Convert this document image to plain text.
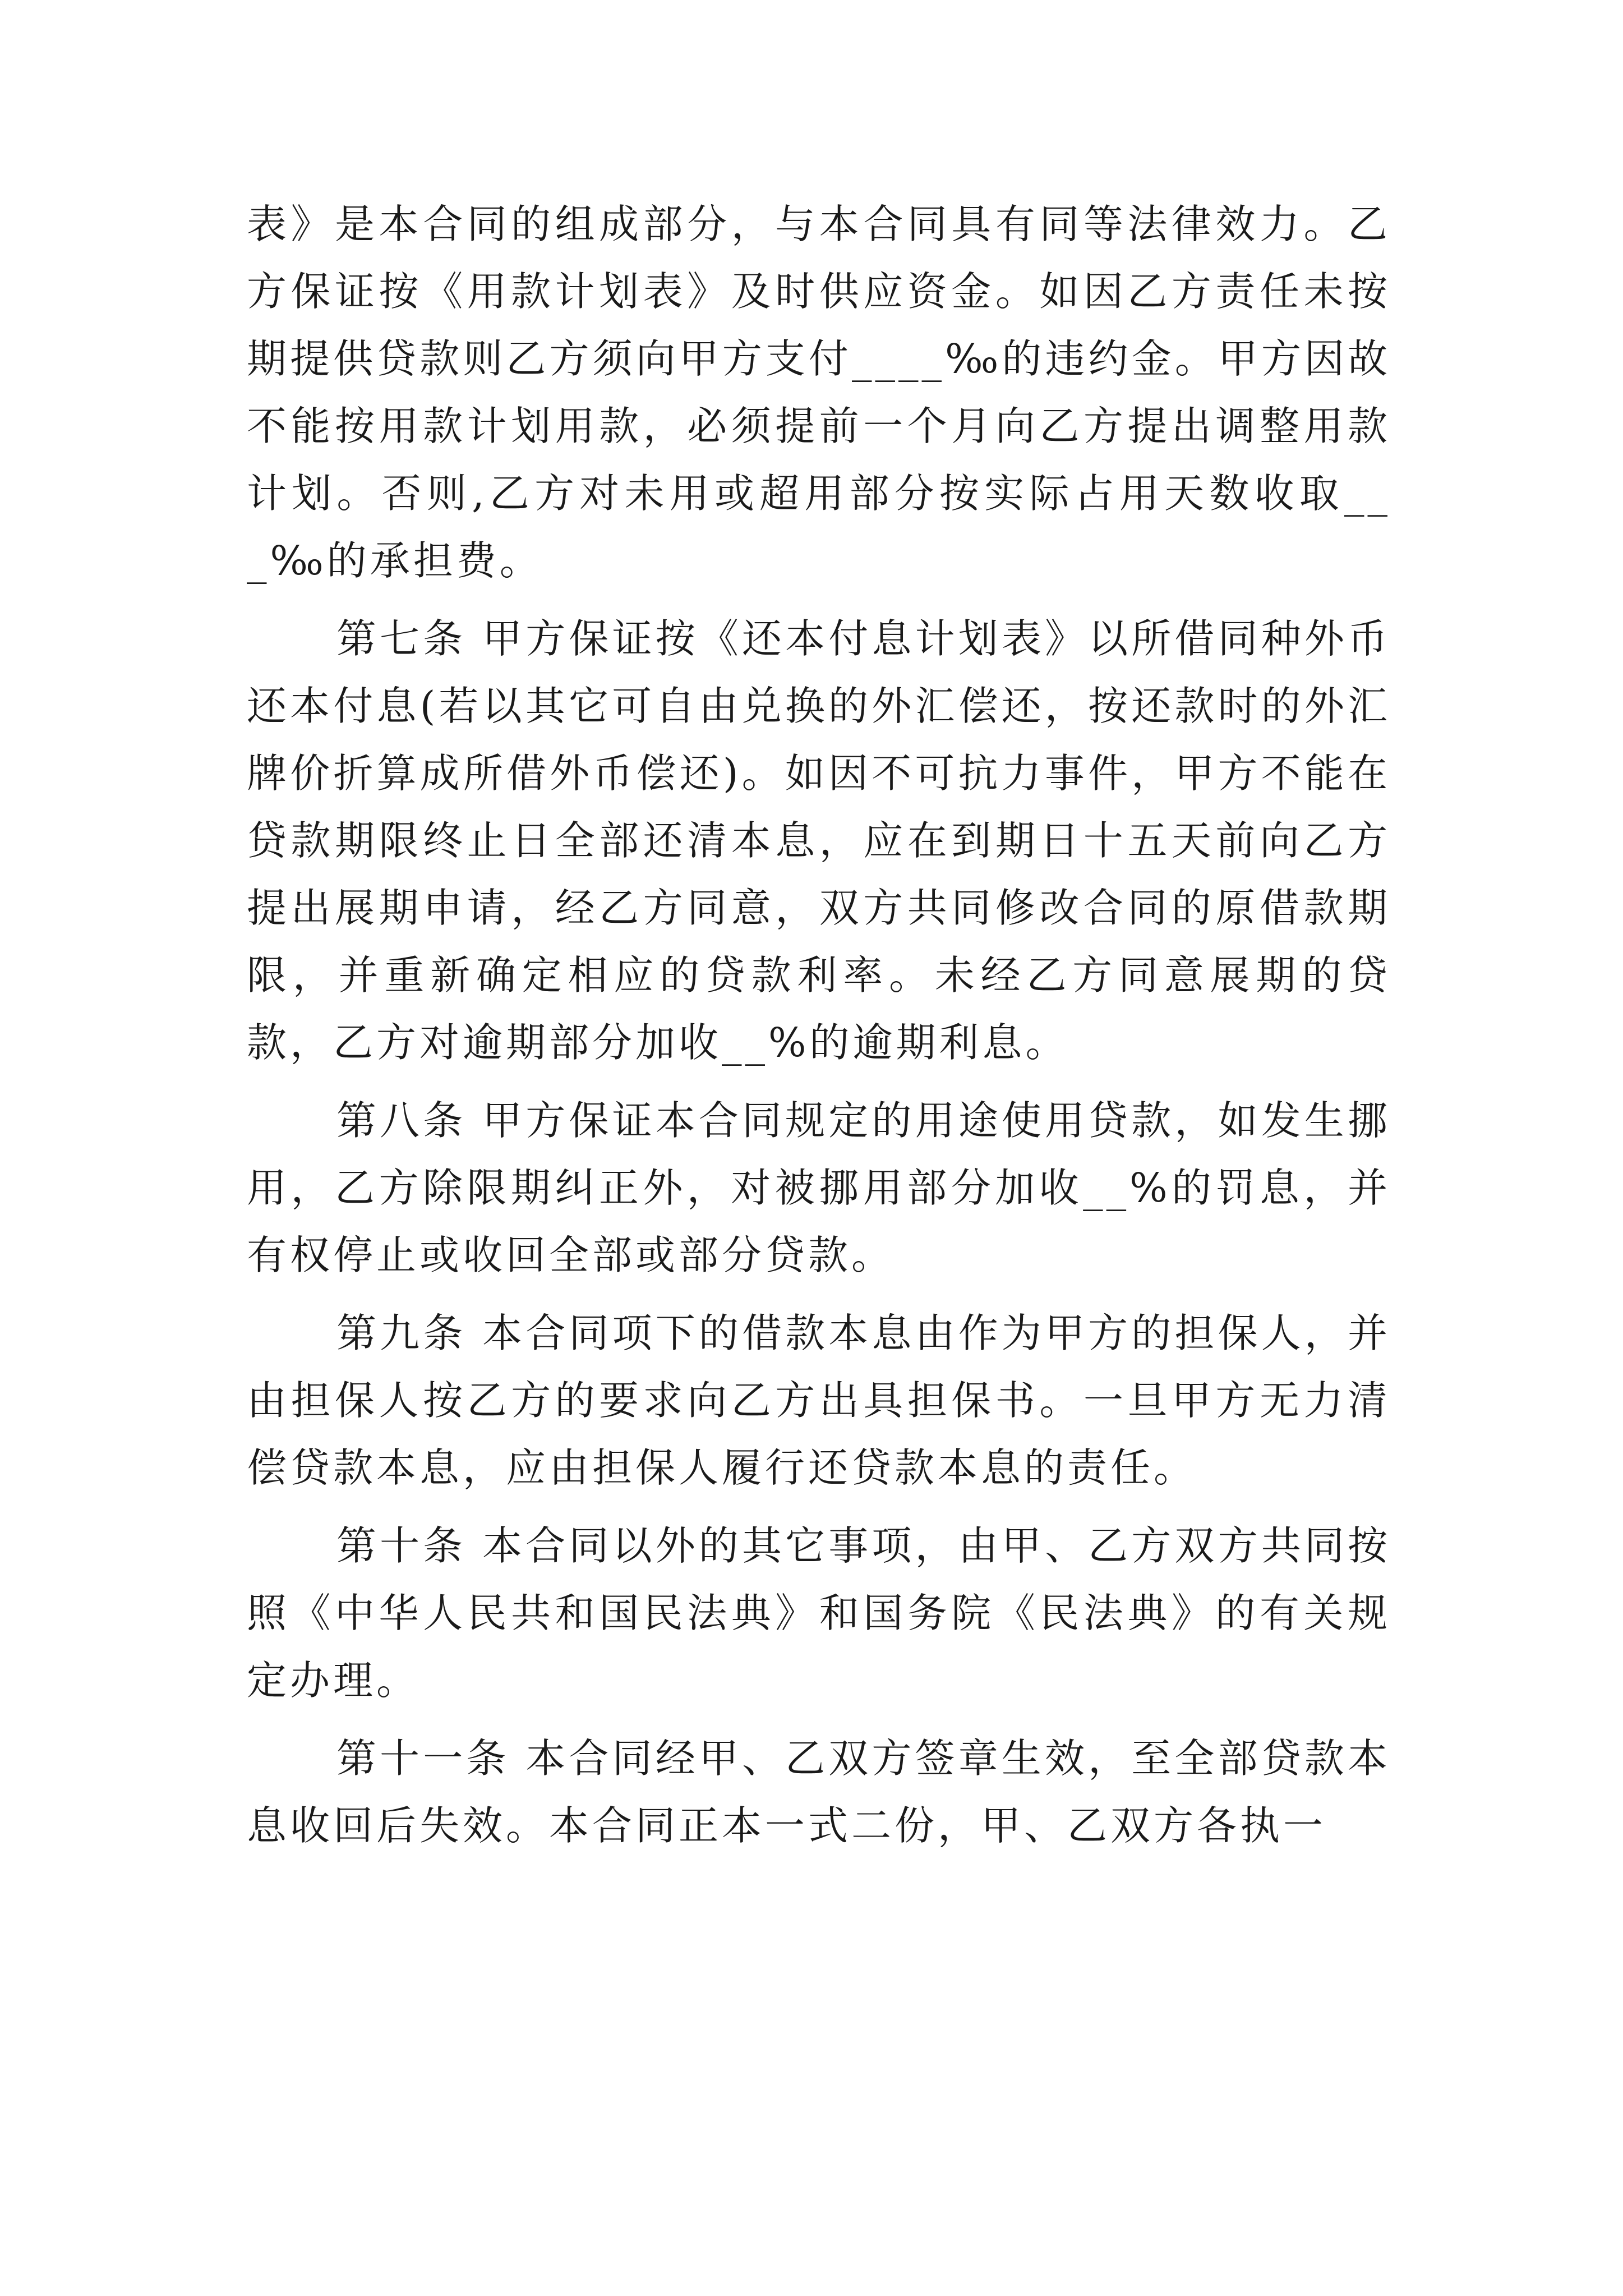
表》是本合同的组成部分，与本合同具有同等法律效力。乙方保证按《用款计划表》及时供应资金。如因乙方责任未按期提供贷款则乙方须向甲方支付____‰的违约金。甲方因故不能按用款计划用款，必须提前一个月向乙方提出调整用款计划。否则,乙方对未用或超用部分按实际占用天数收取___‰的承担费。

第七条 甲方保证按《还本付息计划表》以所借同种外币还本付息(若以其它可自由兑换的外汇偿还，按还款时的外汇牌价折算成所借外币偿还)。如因不可抗力事件，甲方不能在贷款期限终止日全部还清本息，应在到期日十五天前向乙方提出展期申请，经乙方同意，双方共同修改合同的原借款期限，并重新确定相应的贷款利率。未经乙方同意展期的贷款，乙方对逾期部分加收__%的逾期利息。

第八条 甲方保证本合同规定的用途使用贷款，如发生挪用，乙方除限期纠正外，对被挪用部分加收__%的罚息，并有权停止或收回全部或部分贷款。

第九条 本合同项下的借款本息由作为甲方的担保人，并由担保人按乙方的要求向乙方出具担保书。一旦甲方无力清偿贷款本息，应由担保人履行还贷款本息的责任。

第十条 本合同以外的其它事项，由甲、乙方双方共同按照《中华人民共和国民法典》和国务院《民法典》的有关规定办理。

第十一条 本合同经甲、乙双方签章生效，至全部贷款本息收回后失效。本合同正本一式二份，甲、乙双方各执一
